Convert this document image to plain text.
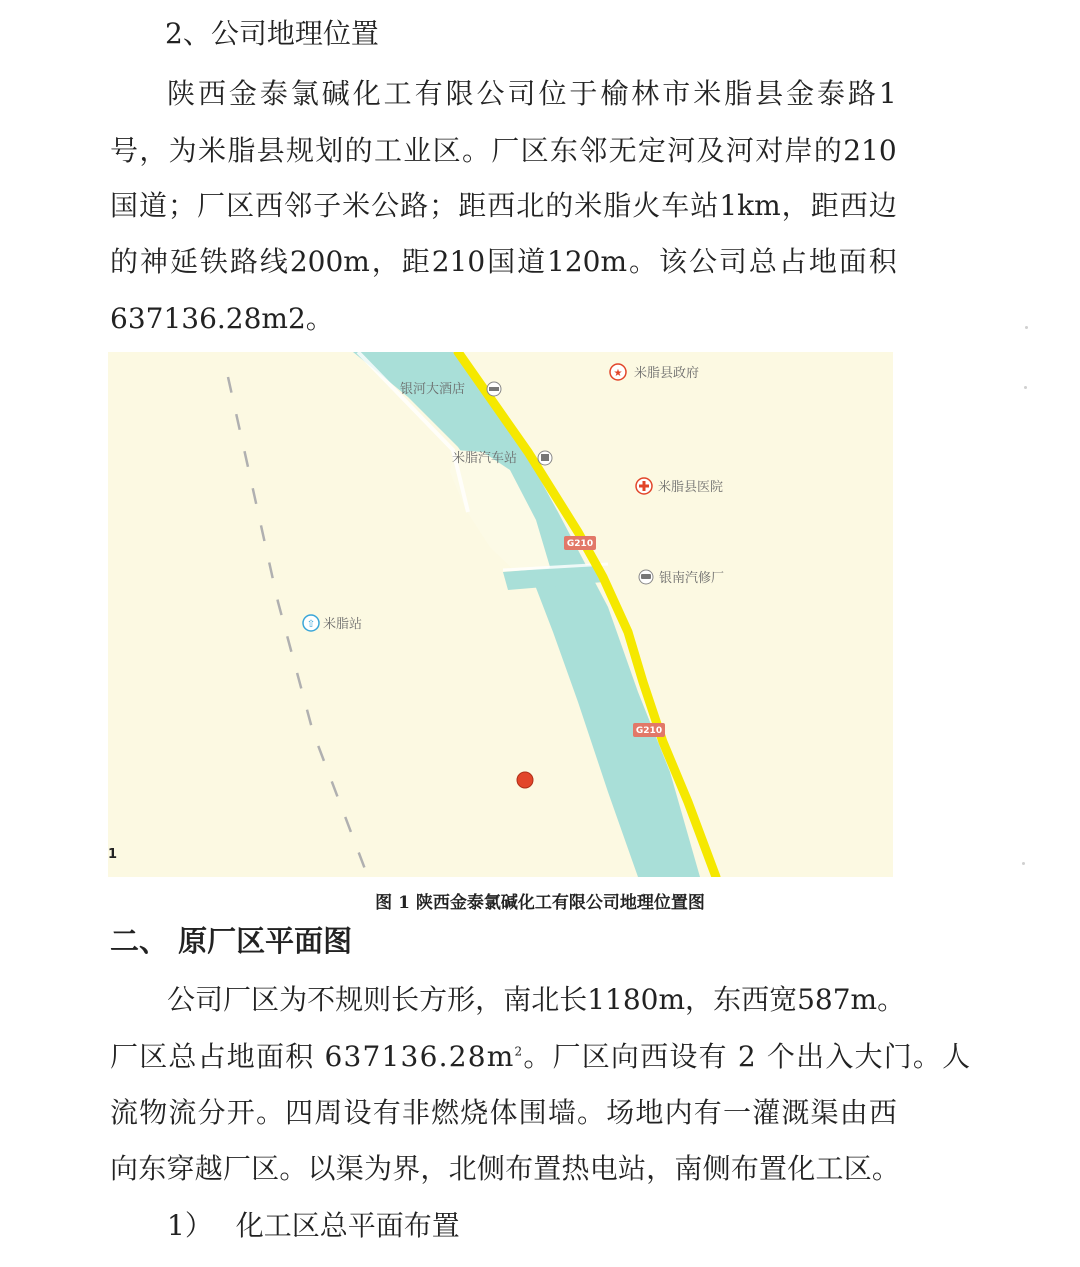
2、公司地理位置

陕 西 金 泰 氯 碱 化 工 有 限 公 司 位 于 榆 林 市 米 脂 县 金 泰 路 1

号 ， 为 米 脂 县 规 划 的 工 业 区 。 厂 区 东 邻 无 定 河 及 河 对 岸 的 210

国 道 ； 厂 区 西 邻 子 米 公 路 ； 距 西 北 的 米 脂 火 车 站 1km ， 距 西 边

的 神 延 铁 路 线 200m ， 距 210 国 道 120m 。 该 公 司 总 占 地 面 积

637136.28m2。

★ 米脂县政府
银河大酒店
米脂汽车站
米脂县医院
G210
G210
银南汽修厂
⇧ 米脂站
1

图 1 陕西金泰氯碱化工有限公司地理位置图

二、 原厂区平面图

公 司 厂 区 为 不 规 则 长 方 形 ， 南 北 长 1180m ， 东 西 宽 587m 。

厂区总占地面积 $637136.28m^2$。厂区向西设有 2 个出入大门。人

流 物 流 分 开 。 四 周 设 有 非 燃 烧 体 围 墙 。 场 地 内 有 一 灌 溉 渠 由 西

向 东 穿 越 厂 区 。 以 渠 为 界 ， 北 侧 布 置 热 电 站 ， 南 侧 布 置 化 工 区 。

1） 化工区总平面布置
